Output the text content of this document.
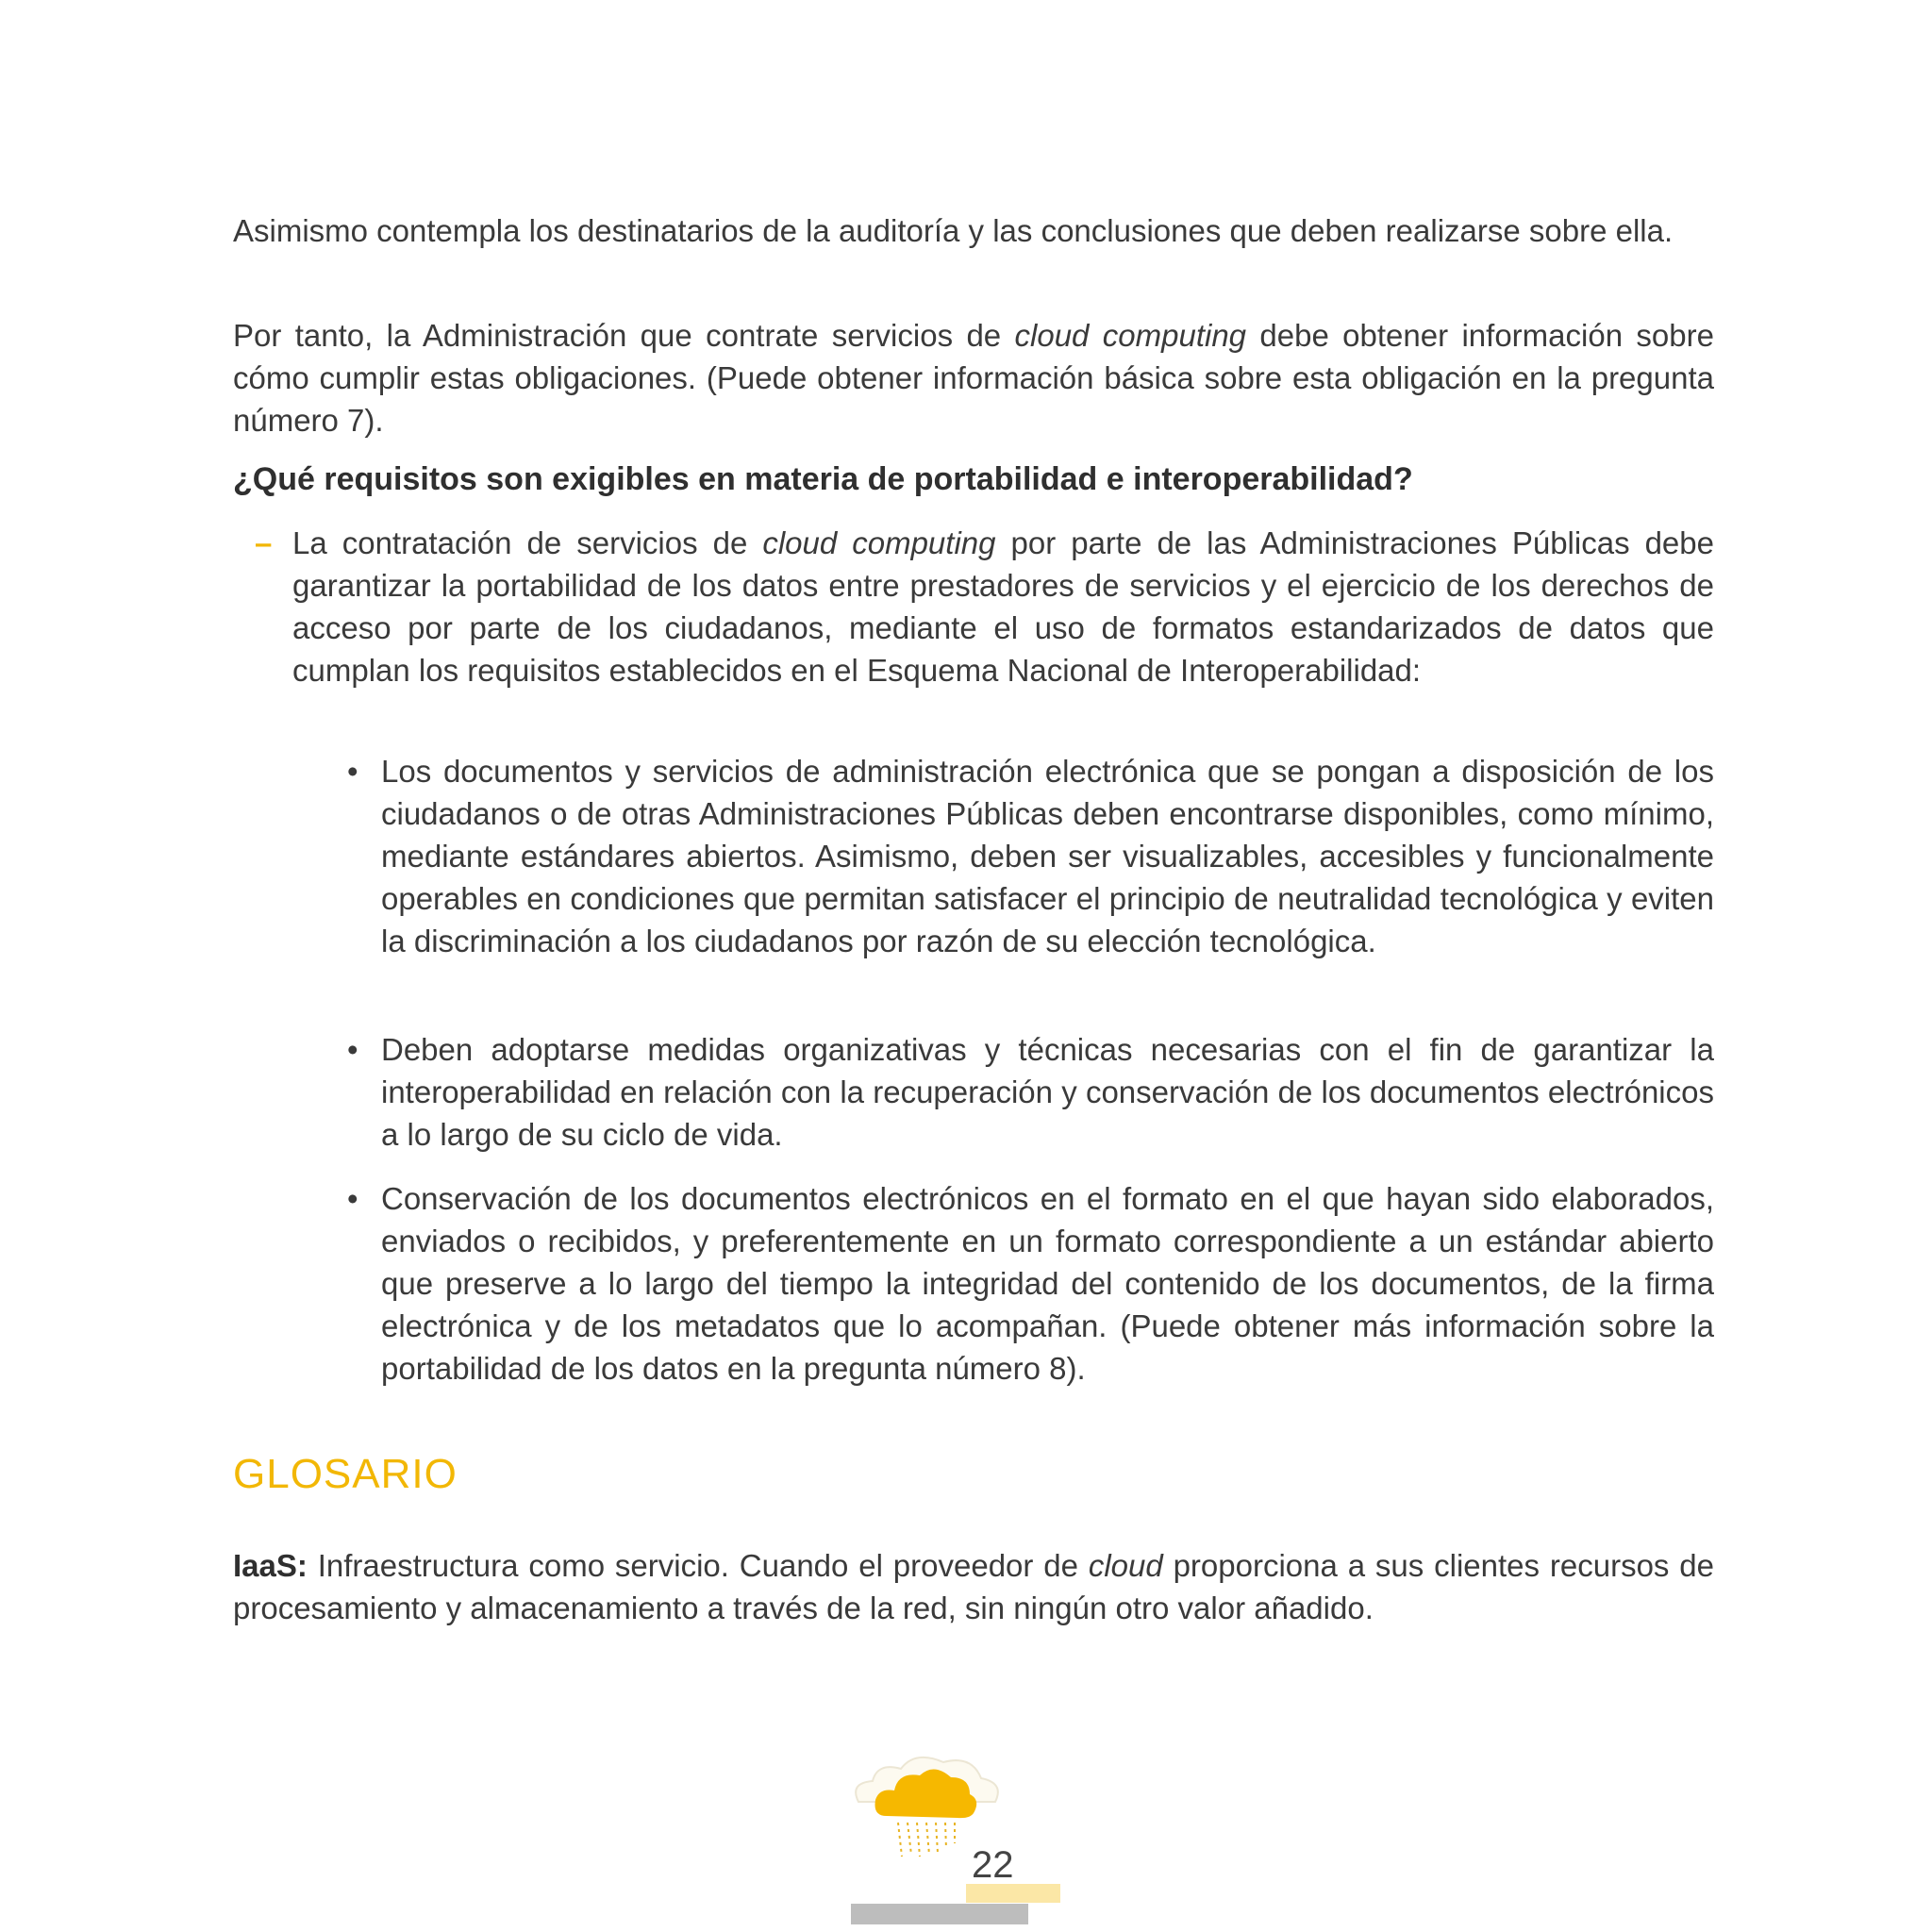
Asimismo contempla los destinatarios de la auditoría y las conclusiones que deben realizarse sobre ella.

Por tanto, la Administración que contrate servicios de cloud computing debe obtener información sobre cómo cumplir estas obligaciones. (Puede obtener información básica sobre esta obligación en la pregunta número 7).

¿Qué requisitos son exigibles en materia de portabilidad e interoperabilidad?
– La contratación de servicios de cloud computing por parte de las Administraciones Públicas debe garantizar la portabilidad de los datos entre prestadores de servicios y el ejercicio de los derechos de acceso por parte de los ciudadanos, mediante el uso de formatos estandarizados de datos que cumplan los requisitos establecidos en el Esquema Nacional de Interoperabilidad:
• Los documentos y servicios de administración electrónica que se pongan a disposición de los ciudadanos o de otras Administraciones Públicas deben encontrarse disponibles, como mínimo, mediante estándares abiertos. Asimismo, deben ser visualizables, accesibles y funcionalmente operables en condiciones que permitan satisfacer el principio de neutralidad tecnológica y eviten la discriminación a los ciudadanos por razón de su elección tecnológica.
• Deben adoptarse medidas organizativas y técnicas necesarias con el fin de garantizar la interoperabilidad en relación con la recuperación y conservación de los documentos electrónicos a lo largo de su ciclo de vida.
• Conservación de los documentos electrónicos en el formato en el que hayan sido elaborados, enviados o recibidos, y preferentemente en un formato correspondiente a un estándar abierto que preserve a lo largo del tiempo la integridad del contenido de los documentos, de la firma electrónica y de los metadatos que lo acompañan. (Puede obtener más información sobre la portabilidad de los datos en la pregunta número 8).
GLOSARIO
IaaS: Infraestructura como servicio. Cuando el proveedor de cloud proporciona a sus clientes recursos de procesamiento y almacenamiento a través de la red, sin ningún otro valor añadido.
22
